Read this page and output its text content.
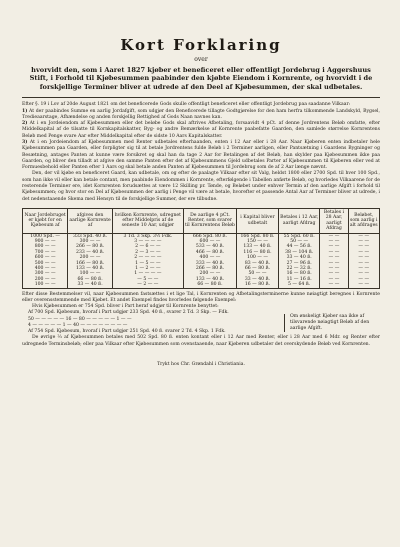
Kort Forklaring
over

hvorvidt den, som i Aaret 1827 kjøber et beneficeret eller offentligt Jordebrug i Aggershuus Stift, i Forhold til Kjøbesummen paabinder den kjøbte Eiendom i Kornrente, og hvorvidt i de forskjellige Terminer bliver at udrede af den Deel af Kjøbesummen, der skal udbetales.

Efter §. 19 i Lov af 20de August 1821 om det beneficerede Gods skulle offentligt beneficeret eller offentligt Jordebrug paa saadanne Vilkaar:

1) At der paabindes Summe en aarlig Jordafgift, som udgjør den Beneficerede tillagte Godtgjørelse for den ham herfra tilkommende Landskyld, Bygsel, Tredieaarstage, Afhændelse og anden forskjellig Rettighed af Gods Naan navnes kan.

2) At i en Jordeiendom af Kjøbesummen eller det beløbe Gods skal aftrives Afbetaling, forsaavidt 4 pCt. af denne Jordrentens Beløb omfatte, efter Middelkapital af de tilsatte til Kornkapitalskatter, Byg- og andre Bemærkelse af Kornrente paabefatte Gaarden, den samlede størrelse Kornrentens Beløb med Penge svare Aar efter Middelkapital efter de sidste 10 Aars Kapitalskatter.

3) At i en Jordeiendom af Kjøbesummen med Renter udbetales efterhaanden, enten i 12 Aar eller i 28 Aar. Naar Kjøberen enten indbetaler hele Kjøbesummen paa Gaarden, eller forpligter sig til at betale Jordrentens fulde Beløb i 2 Terminer aarligen, eller Pantsætning i Gaardens Bygninger og Besætning, antages Panten at kunne være forsikret og skal han da tage 2 Aar for Betalingen af det Beløb, han skylder paa Kjøbesummen ikke paa Gaarden, og bliver den tilladt at afgive den samme Panten efter det af Kjøbesummens Gjeld udbetales Parter af Kjøbesummen til Kjøberen eller ved at Formuesbehold eller Panten efter 1 Aars og skal betale anden Panten af Kjøbesummen til Jordebrug som de af 2 Aar længe nævnt.

Den, der vil kjøbe en beneficeret Gaard, kan udbetale, om og efter de paalagte Vilkaar efter sit Valg, heldst 1800 eller 2700 Spd. til hver 100 Spd., som han ikke vil eller kan betale contant, men paabinde Eiendommen i Kornrente, efterfølgende i Tabellen anførte Beløb, og hvorledes Vilkaarene for de resterende Terminer ere, idet Kornrenten forudsættes at være 12 Skilling pr. Tønde, og Beløbet under enhver Termin af den aarlige Afgift i forhold til Kjøbesummen; og hvor stor en Del af Kjøbesummen der aarlig i Penge vil være at betale, hvorefter et passende Antal Aar af Terminer bliver at udrede, i det nedenstaaende Skema med Hensyn til de forskjellige Summer, der ere tilbudne.

Naar Jordebruget er kjøbt for en Kjøbesum af	afgives den aarlige Kornrente af	hvilken Kornrente, udregnet efter Middelpris af de seneste 10 Aar, udgjør	De aarlige 4 pCt. Renter, som svarer til Kornrentens Beløb	i Kapital bliver udbetalt	Betales i 12 Aar, aarligt Afdrag	Betales i 28 Aar, aarligt Afdrag	Beløbet, som aarlig i alt afdrages
1000 Spd. —	333 Spd. 40 ß.	3 Td. 3 Skp. 3½ Fdk.	666 Spd. 80 ß.	166 Spd. 80 ß.	55 Spd. 60 ß.	— —	— —
900 — —	300 — —	3 — — — —	600 — —	150 — —	50 — —	— —	— —
800 — —	266 — 80 ß.	2 — 6 — —	533 — 40 ß.	133 — 40 ß.	44 — 56 ß.	— —	— —
700 — —	233 — 40 ß.	2 — 3 — —	466 — 80 ß.	116 — 80 ß.	38 — 104 ß.	— —	— —
600 — —	200 — —	2 — — — —	400 — —	100 — —	33 — 40 ß.	— —	— —
500 — —	166 — 80 ß.	1 — 5 — —	333 — 40 ß.	83 — 40 ß.	27 — 96 ß.	— —	— —
400 — —	133 — 40 ß.	1 — 2 — —	266 — 80 ß.	66 — 80 ß.	22 — 32 ß.	— —	— —
300 — —	100 — —	1 — — — —	200 — —	50 — —	16 — 80 ß.	— —	— —
200 — —	66 — 80 ß.	— 5 — —	133 — 40 ß.	33 — 40 ß.	11 — 16 ß.	— —	— —
100 — —	33 — 40 ß.	— 2 — —	66 — 80 ß.	16 — 80 ß.	5 — 64 ß.	— —	— —

Efter disse Bestemmelser vil, naar Kjøbesummen fastsættes i et lige Tal, i Kornrenten og Afbetalingsterminerne kunne nøiagtigt beregnes i Kornrente eller overensstemmende med Kjøbet. Et andet Exempel findes hvorledes følgende Exempel:

Hvis Kjøbesummen er 754 Spd. bliver i Part heraf udgjør til Kornrente benyttet:
Af 700 Spd. Kjøbesum, hvoraf i Part udgjør 233 Spd. 40 ß., svarer 2 Td. 3 Skp. — Fdk.
50 — — — — — 16 — 80 — — — — — 1 — —
4 — — — — — 1 — 40 — — — — — — — —
Af 754 Spd. Kjøbesum, hvoraf i Part udgjør 251 Spd. 40 ß. svarer 2 Td. 4 Skp. 1 Fdk.
Om ønskeligt Kjøber saa ikke af tilsvarende nøiagtigt Beløb af den aarlige Afgift.

De øvrige ⅔ af Kjøbesummen betales med 502 Spd. 80 ß. enten kontant eller i 12 Aar med Renter, eller i 28 Aar med 6 Mdr. og Renter efter udregnede Terminsbeløb; eller paa Vilkaar efter Kjøbesummen som ovenstaaende, naar Kjøberen udbetaler det overskydende Beløb ved Kornrenten.

Trykt hos Chr. Grøndahl i Christiania.
